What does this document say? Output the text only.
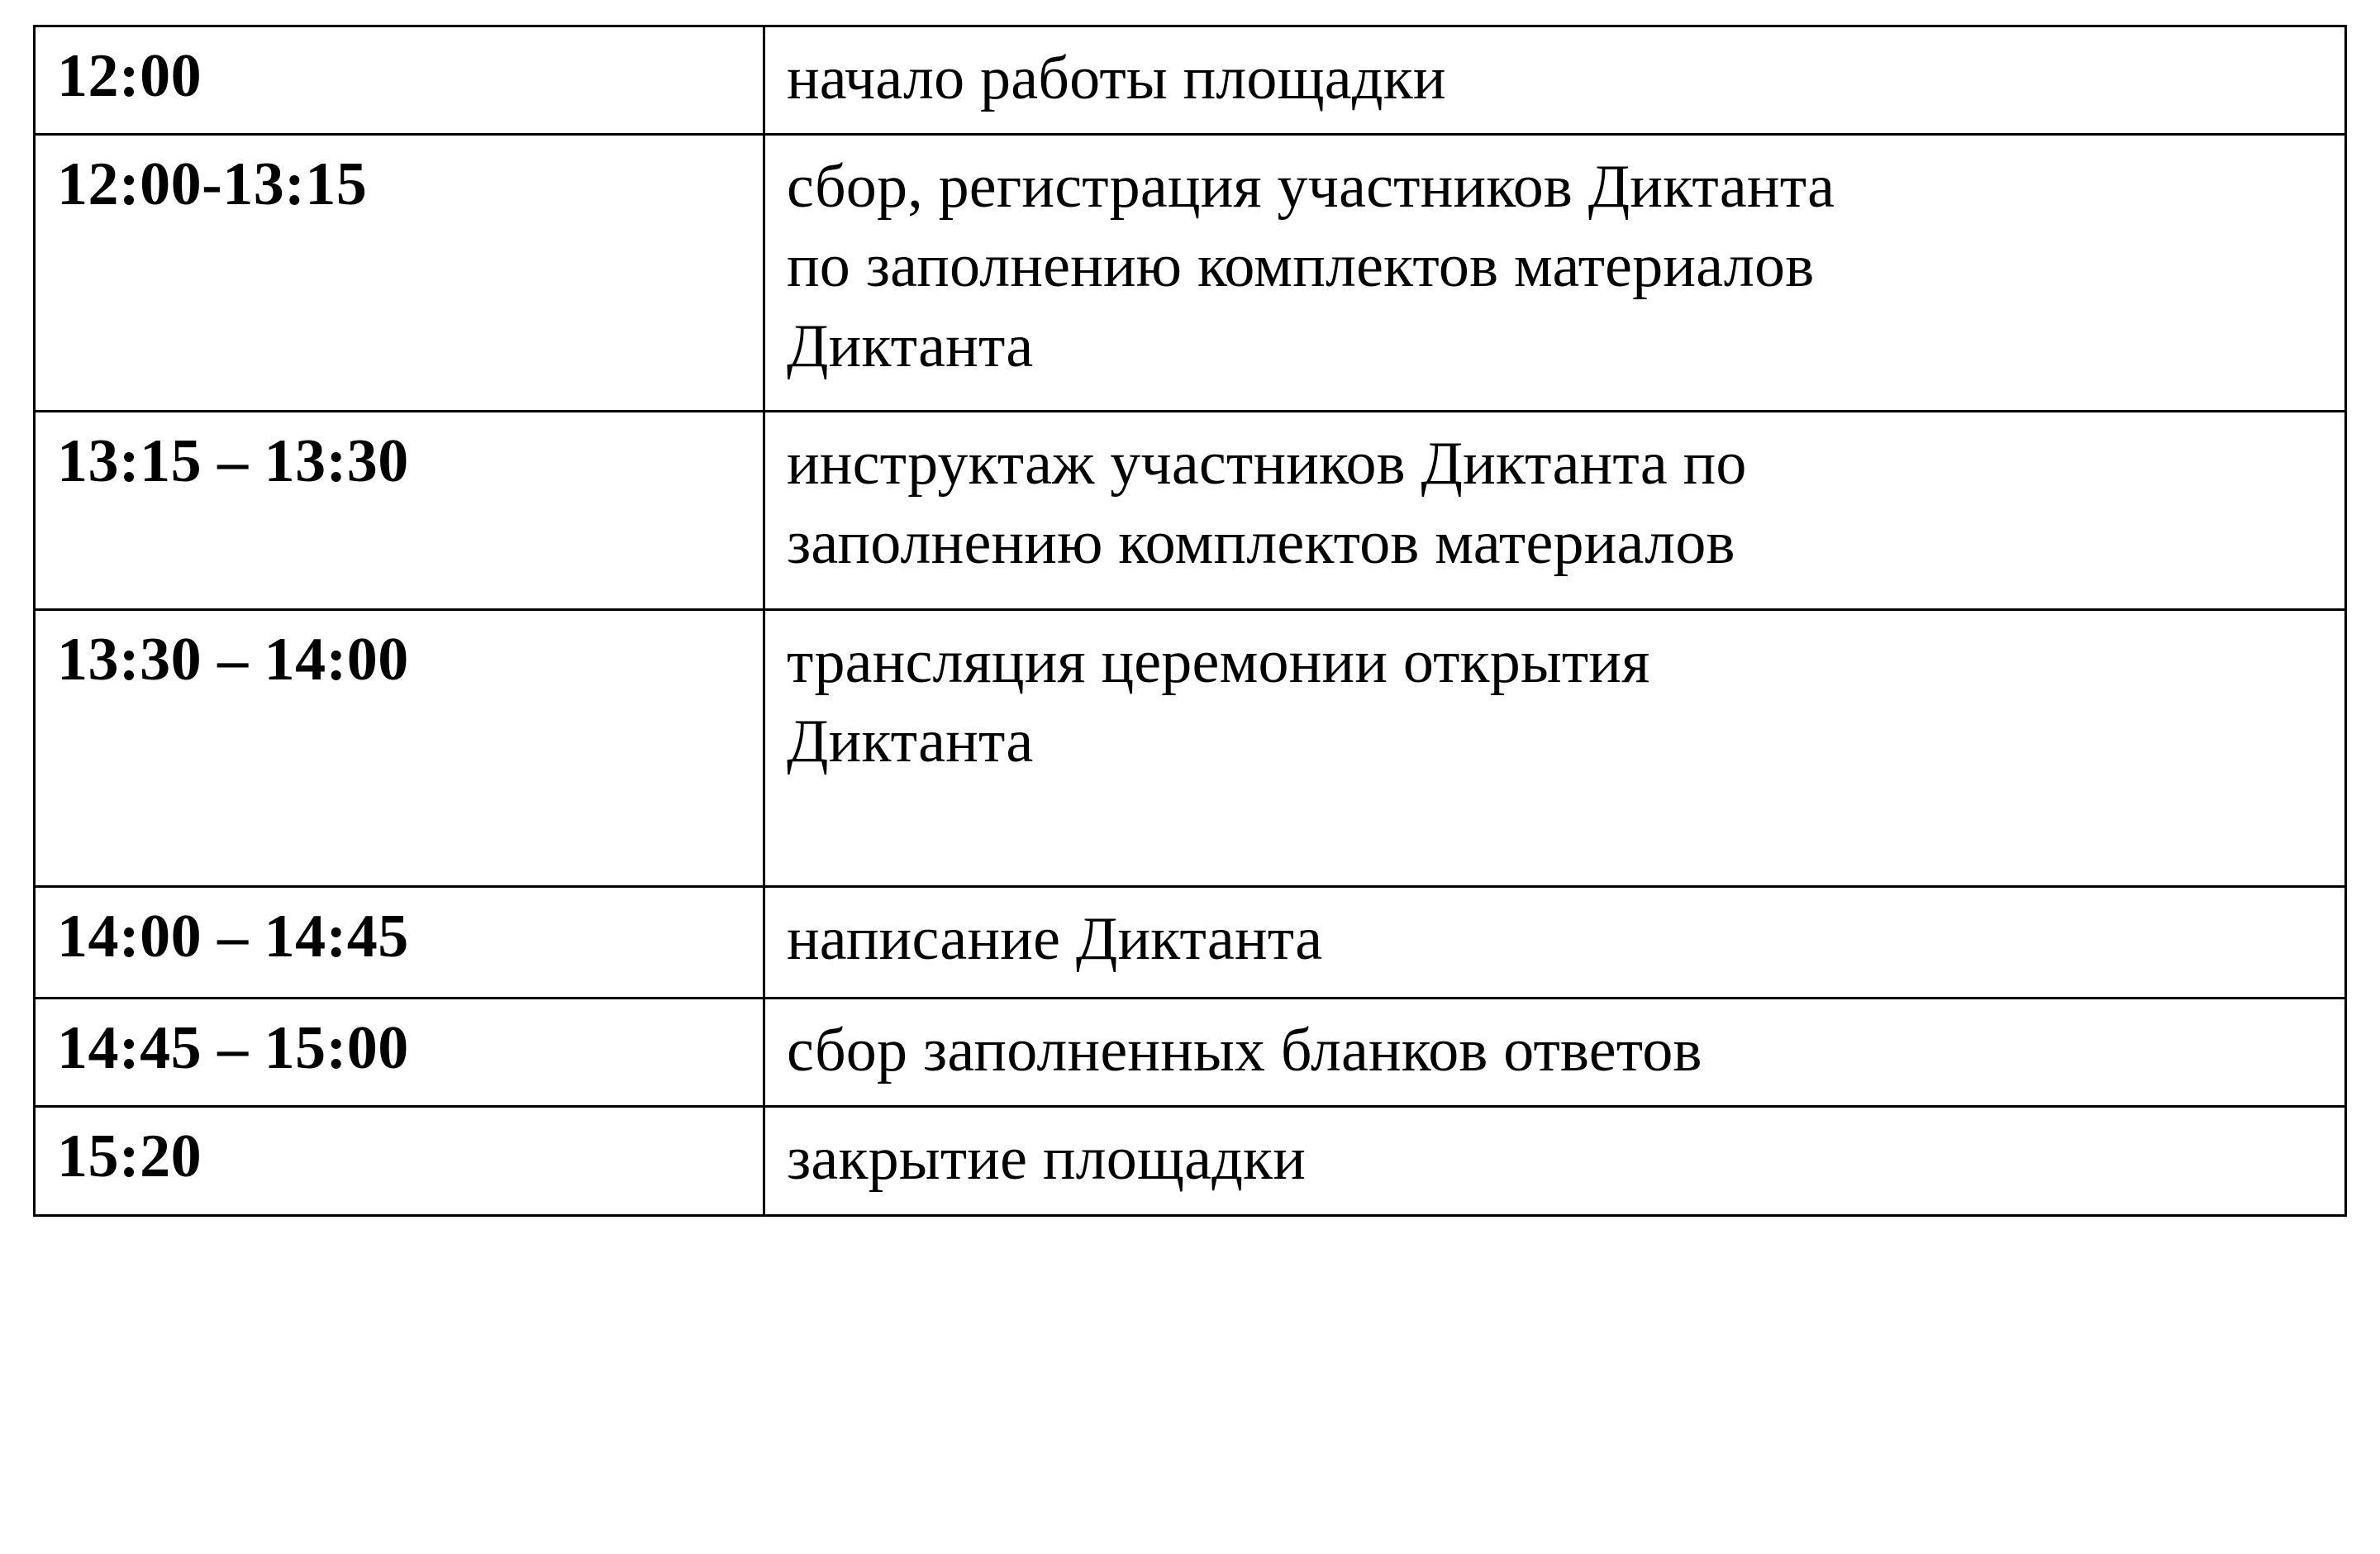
12:00	начало работы площадки

12:00-13:15	сбор, регистрация участников Диктанта
по заполнению комплектов материалов
Диктанта

13:15 – 13:30	инструктаж участников Диктанта по
заполнению комплектов материалов

13:30 – 14:00	трансляция церемонии открытия
Диктанта

14:00 – 14:45	написание Диктанта

14:45 – 15:00	сбор заполненных бланков ответов

15:20	закрытие площадки
